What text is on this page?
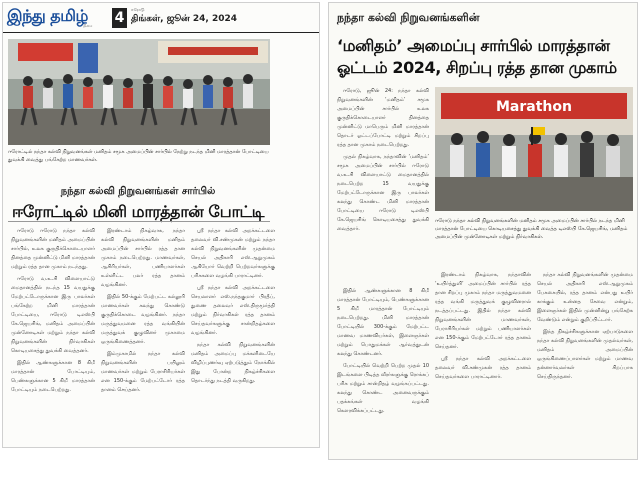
இந்து தமிழ்
திசை 4
ஈரோடு
திங்கள், ஜூன் 24, 2024
ஈரோட்டில் நந்தா கல்வி நிறுவனங்கள் மனிதம் சமூக அமைப்பின் சார்பில் நேற்று நடந்த மினி மாரத்தான் போட்டியை துவக்கி வைத்து பங்கேற்ற மாணவர்கள்.
நந்தா கல்வி நிறுவனங்கள் சார்பில்
ஈரோட்டில் மினி மாரத்தான் போட்டி

ஈரோடு ஈரோடு நந்தா கல்வி நிறுவனங்களின் மனிதம் அமைப்பின் சார்பில், உலக குருதிக்கொடையாளர் தினத்தை முன்னிட்டு மினி மாரத்தான் மற்றும் ரத்த தான முகாம் நடந்தது.

ஈரோடு வ.உ.சி விளையாட்டு மைதானத்தில் நடந்த 15 வயதுக்கு மேற்பட்டோருக்கான இரு பாலர்கள் பங்கேற்ற மினி மாரத்தான் போட்டியை, ஈரோடு டிஎஸ்பி கே.ஜெயசிங், மனிதம் அமைப்பின் முன்னோடிகள் மற்றும் நந்தா கல்வி நிறுவனங்களின் நிர்வாகிகள் கொடியசைத்து துவக்கி வைத்தனர்.

இதில் ஆண்களுக்கான 8 கிமீ மாரத்தான் போட்டியும், பெண்களுக்கான 5 கிமீ மாரத்தான் போட்டியும் நடைபெற்றது.

இரண்டாம் நிகழ்வாக, நந்தா கல்வி நிறுவனங்களின் மனிதம் அமைப்பின் சார்பில் ரத்த தான முகாம் நடைபெற்றது. மாணவர்கள், ஆசிரியர்கள், பணியாளர்கள் உள்ளிட்ட பலர் ரத்த தானம் வழங்கினர்.

இதில் 50-க்கும் மேற்பட்ட கல்லூரி மாணவர்கள் கலந்து கொண்டு குருதிக்கொடை வழங்கினர். நந்தா மருத்துவமனை ரத்த வங்கியின் மருத்துவக் குழுவினர் முகாமை ஒருங்கிணைத்தனர்.

இம்முகாமில் நந்தா கல்வி நிறுவனங்களின் பயிலும் மாணவர்கள் மற்றும் பேராசிரியர்கள் என 150-க்கும் மேற்பட்டோர் ரத்த தானம் செய்தனர்.

ஸ்ரீ நந்தா கல்வி அறக்கட்டளை தலைவர் வி.சண்முகன் மற்றும் நந்தா கல்வி நிறுவனங்களின் முதன்மை செயல் அதிகாரி எஸ்.ஆறுமுகம் ஆகியோர் வெற்றி பெற்றவர்களுக்கு பரிசுகளை வழங்கி பாராட்டினர்.

ஸ்ரீ நந்தா கல்வி அறக்கட்டளை செயலாளர் எஸ்.நந்தகுமார் பிரதீப், துணை தலைவர் எஸ்.திருமூர்த்தி மற்றும் நிர்வாகிகள் ரத்த தானம் செய்தவர்களுக்கு சான்றிதழ்களை வழங்கினர்.

நந்தா கல்வி நிறுவனங்களின் மனிதம் அமைப்பு மக்களிடையே விழிப்புணர்வு ஏற்படுத்தும் நோக்கில் இது போன்ற நிகழ்ச்சிகளை தொடர்ந்து நடத்தி வருகிறது.

நந்தா கல்வி நிறுவனங்களின்
‘மனிதம்’ அமைப்பு சார்பில் மாரத்தான்
ஓட்டம் 2024, சிறப்பு ரத்த தான முகாம்

ஈரோடு, ஜூன் 24: நந்தா கல்வி நிறுவனங்களின் ‘மனிதம்’ சமூக அமைப்பின் சார்பில் உலக குருதிக்கொடையாளர் தினத்தை முன்னிட்டு மாபெரும் மினி மாரத்தான் தொடர் ஓட்டப்போட்டி மற்றும் சிறப்பு ரத்த தான முகாம் நடைபெற்றது.

முதல் நிகழ்வாக, நந்தாவின் ‘மனிதம்’ சமூக அமைப்பின் சார்பில் ஈரோடு வ.உ.சி விளையாட்டு மைதானத்தில் நடைபெற்ற 15 வயதுக்கு மேற்பட்டோருக்கான இரு பாலர்கள் கலந்து கொண்ட மினி மாரத்தான் போட்டியை ஈரோடு டிஎஸ்பி கே.ஜெயசிங் கொடியசைத்து துவக்கி வைத்தார்.

Marathon
ஈரோடு நந்தா கல்வி நிறுவனங்களின் மனிதம் சமூக அமைப்பின் சார்பில் நடந்த மினி மாரத்தான் போட்டியை கொடியசைத்து துவக்கி வைத்த டிஎஸ்பி கே.ஜெயசிங், மனிதம் அமைப்பின் முன்னோடிகள் மற்றும் நிர்வாகிகள்.

இதில் ஆண்களுக்கான 8 கிமீ மாரத்தான் போட்டியும், பெண்களுக்கான 5 கிமீ மாரத்தான் போட்டியும் நடைபெற்றது. மினி மாரத்தான் போட்டியில் 300-க்கும் மேற்பட்ட மாணவ மாணவியர்கள், இளைஞர்கள் மற்றும் பொதுமக்கள் ஆர்வத்துடன் கலந்து கொண்டனர்.

போட்டியில் வெற்றி பெற்ற முதல் 10 இடங்களை பிடித்த வீரர்களுக்கு ரொக்கப் பரிசு மற்றும் சான்றிதழ் வழங்கப்பட்டது. கலந்து கொண்ட அனைவருக்கும் பதக்கங்கள் வழங்கி கௌரவிக்கப்பட்டது.

இரண்டாம் நிகழ்வாக, நந்தாவின் ‘உயிர்த்துளி’ அமைப்பின் சார்பில் ரத்த தான சிறப்பு முகாம் நந்தா மருத்துவமனை ரத்த வங்கி மருத்துவக் குழுவினரால் நடத்தப்பட்டது. இதில் நந்தா கல்வி நிறுவனங்களின் மாணவர்கள், பேராசிரியர்கள் மற்றும் பணியாளர்கள் என 150-க்கும் மேற்பட்டோர் ரத்த தானம் செய்தனர்.

ஸ்ரீ நந்தா கல்வி அறக்கட்டளை தலைவர் வி.சண்முகன் ரத்த தானம் செய்தவர்களை பாராட்டினார்.

நந்தா கல்வி நிறுவனங்களின் முதன்மை செயல் அதிகாரி எஸ்.ஆறுமுகம் பேசுகையில், ரத்த தானம் என்பது உயிர் காக்கும் உன்னத சேவை என்றும், இளைஞர்கள் இதில் முன்னின்று பங்கேற்க வேண்டும் என்றும் குறிப்பிட்டார்.

இந்த நிகழ்ச்சிகளுக்கான ஏற்பாடுகளை நந்தா கல்வி நிறுவனங்களின் முதல்வர்கள், மனிதம் அமைப்பின் ஒருங்கிணைப்பாளர்கள் மற்றும் மாணவ தன்னார்வலர்கள் சிறப்பாக செய்திருந்தனர்.
